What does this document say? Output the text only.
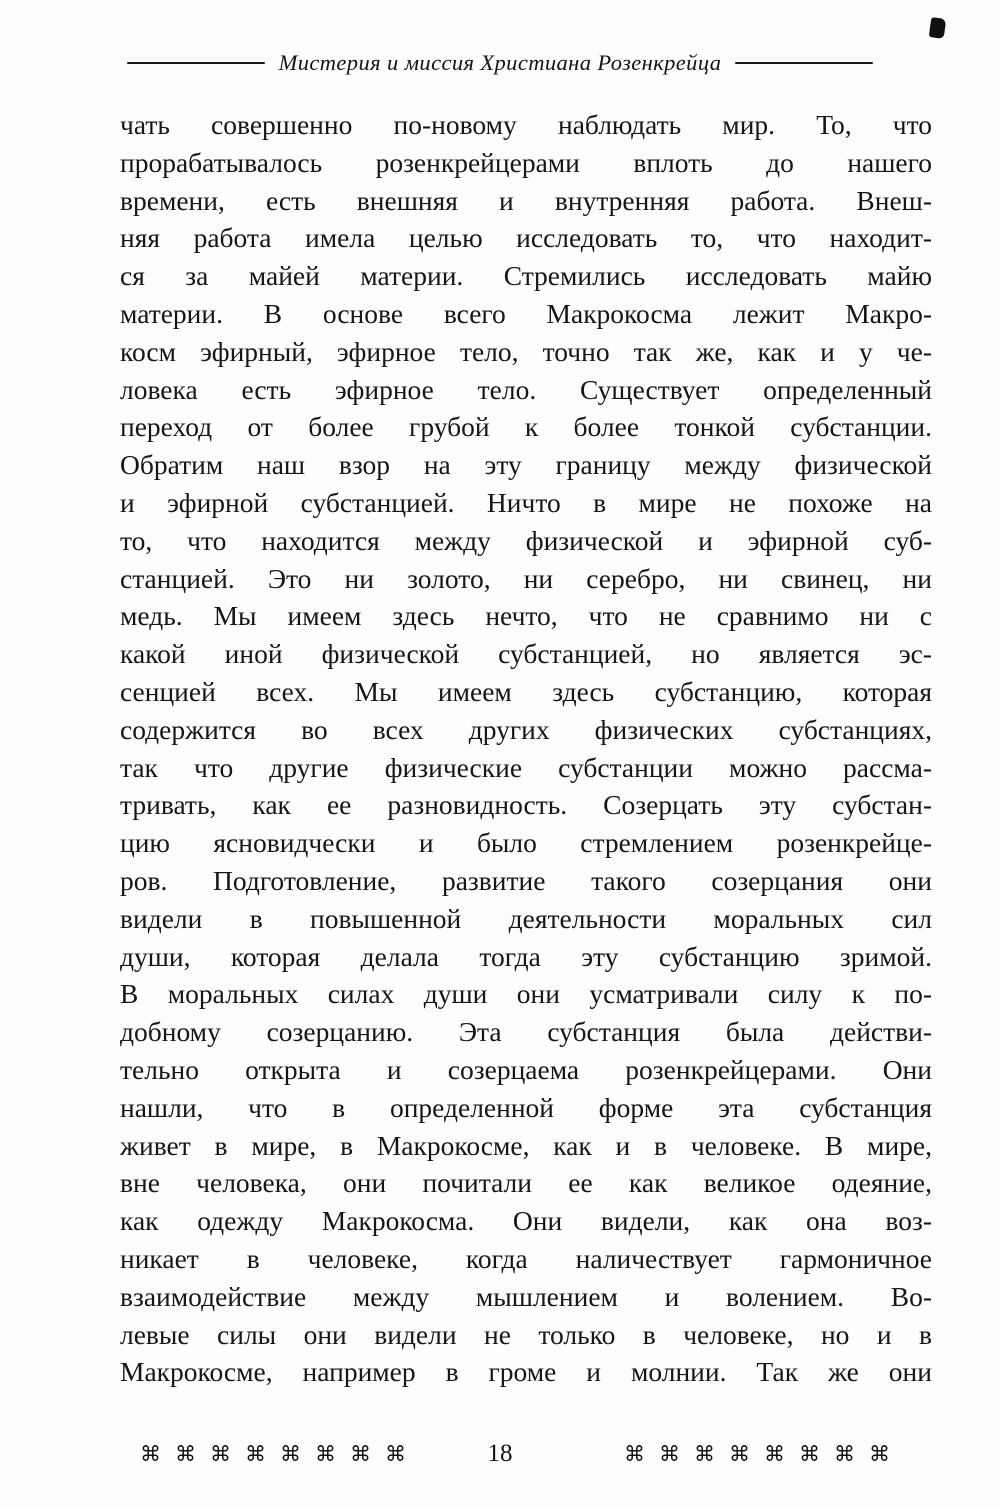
Мистерия и миссия Христиана Розенкрейца
чать совершенно по-новому наблюдать мир. То, что
прорабатывалось розенкрейцерами вплоть до нашего
времени, есть внешняя и внутренняя работа. Внеш-
няя работа имела целью исследовать то, что находит-
ся за майей материи. Стремились исследовать майю
материи. В основе всего Макрокосма лежит Макро-
косм эфирный, эфирное тело, точно так же, как и у че-
ловека есть эфирное тело. Существует определенный
переход от более грубой к более тонкой субстанции.
Обратим наш взор на эту границу между физической
и эфирной субстанцией. Ничто в мире не похоже на
то, что находится между физической и эфирной суб-
станцией. Это ни золото, ни серебро, ни свинец, ни
медь. Мы имеем здесь нечто, что не сравнимо ни с
какой иной физической субстанцией, но является эс-
сенцией всех. Мы имеем здесь субстанцию, которая
содержится во всех других физических субстанциях,
так что другие физические субстанции можно рассма-
тривать, как ее разновидность. Созерцать эту субстан-
цию ясновидчески и было стремлением розенкрейце-
ров. Подготовление, развитие такого созерцания они
видели в повышенной деятельности моральных сил
души, которая делала тогда эту субстанцию зримой.
В моральных силах души они усматривали силу к по-
добному созерцанию. Эта субстанция была действи-
тельно открыта и созерцаема розенкрейцерами. Они
нашли, что в определенной форме эта субстанция
живет в мире, в Макрокосме, как и в человеке. В мире,
вне человека, они почитали ее как великое одеяние,
как одежду Макрокосма. Они видели, как она воз-
никает в человеке, когда наличествует гармоничное
взаимодействие между мышлением и волением. Во-
левые силы они видели не только в человеке, но и в
Макрокосме, например в громе и молнии. Так же они
⌘⌘⌘⌘⌘⌘⌘⌘	18	⌘⌘⌘⌘⌘⌘⌘⌘
